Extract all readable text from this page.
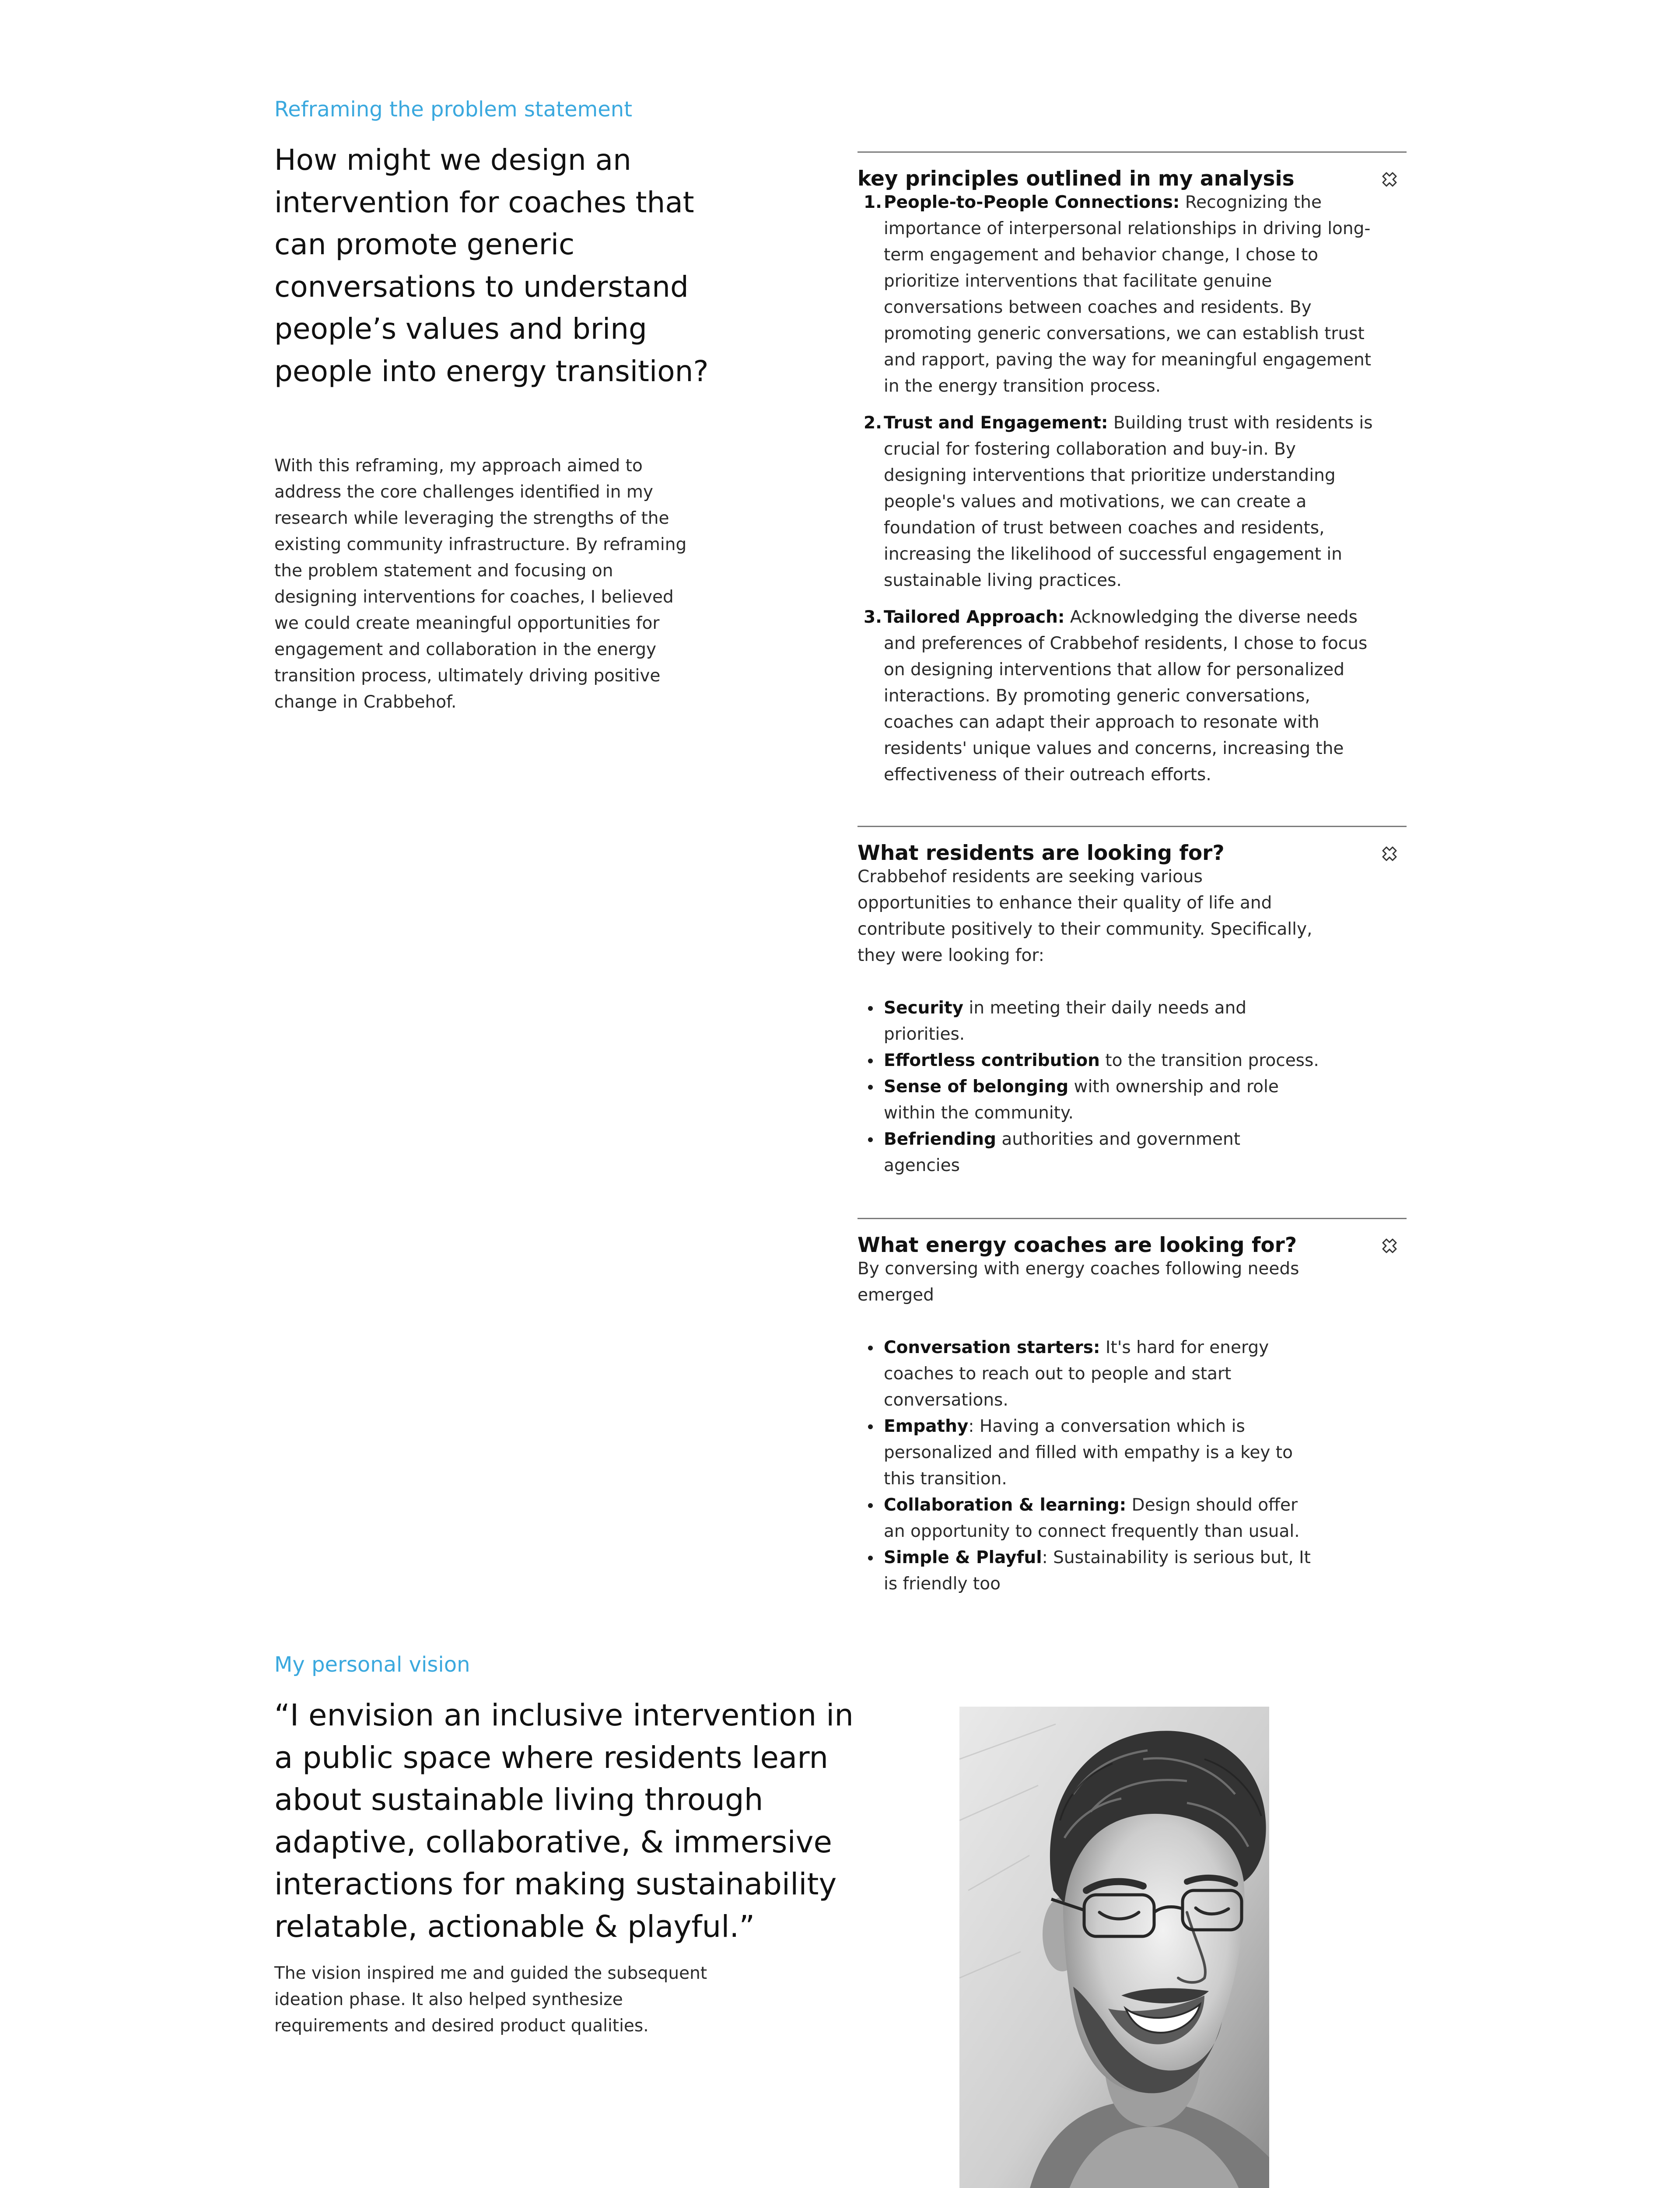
Reframing the problem statement
How might we design an intervention for coaches that can promote generic conversations to understand people’s values and bring people into energy transition?

With this reframing, my approach aimed to address the core challenges identified in my research while leveraging the strengths of the existing community infrastructure. By reframing the problem statement and focusing on designing interventions for coaches, I believed we could create meaningful opportunities for engagement and collaboration in the energy transition process, ultimately driving positive change in Crabbehof.

key principles outlined in my analysis
1. People-to-People Connections: Recognizing the importance of interpersonal relationships in driving long-term engagement and behavior change, I chose to prioritize interventions that facilitate genuine conversations between coaches and residents. By promoting generic conversations, we can establish trust and rapport, paving the way for meaningful engagement in the energy transition process.
2. Trust and Engagement: Building trust with residents is crucial for fostering collaboration and buy-in. By designing interventions that prioritize understanding people's values and motivations, we can create a foundation of trust between coaches and residents, increasing the likelihood of successful engagement in sustainable living practices.
3. Tailored Approach: Acknowledging the diverse needs and preferences of Crabbehof residents, I chose to focus on designing interventions that allow for personalized interactions. By promoting generic conversations, coaches can adapt their approach to resonate with residents' unique values and concerns, increasing the effectiveness of their outreach efforts.
What residents are looking for?

Crabbehof residents are seeking various opportunities to enhance their quality of life and contribute positively to their community. Specifically, they were looking for:

Security in meeting their daily needs and priorities.
Effortless contribution to the transition process.
Sense of belonging with ownership and role within the community.
Befriending authorities and government agencies
What energy coaches are looking for?

By conversing with energy coaches following needs emerged

Conversation starters: It's hard for energy coaches to reach out to people and start conversations.
Empathy: Having a conversation which is personalized and filled with empathy is a key to this transition.
Collaboration & learning: Design should offer an opportunity to connect frequently than usual.
Simple & Playful: Sustainability is serious but, It is friendly too
My personal vision
“I envision an inclusive intervention in a public space where residents learn about sustainable living through adaptive, collaborative, & immersive interactions for making sustainability relatable, actionable & playful.”

The vision inspired me and guided the subsequent ideation phase. It also helped synthesize requirements and desired product qualities.
